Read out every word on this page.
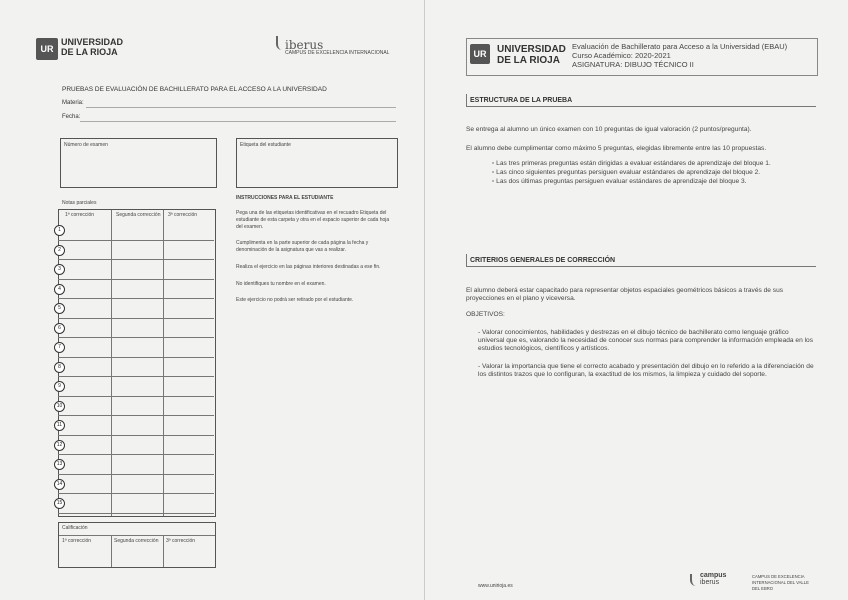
UR
UNIVERSIDAD
DE LA RIOJA	iberus
CAMPUS DE EXCELENCIA INTERNACIONAL
PRUEBAS DE EVALUACIÓN DE BACHILLERATO PARA EL ACCESO A LA UNIVERSIDAD
Materia:
Fecha:
Número de examen	Etiqueta del estudiante
Notas parciales
1ª corrección	Segunda corrección 3ª corrección
1
2
3
4
5
6
7
8
9
10
11
12
13
14
15
INSTRUCCIONES PARA EL ESTUDIANTE
Pega una de las etiquetas identificativas en el recuadro Etiqueta del estudiante de esta carpeta y otra en el espacio superior de cada hoja del examen.
Cumplimenta en la parte superior de cada página la fecha y denominación de la asignatura que vas a realizar.
Realiza el ejercicio en las páginas interiores destinadas a ese fin.
No identifiques tu nombre en el examen.
Este ejercicio no podrá ser retirado por el estudiante.
Calificación
1ª corrección	Segunda corrección 3ª corrección
UR	UNIVERSIDAD
DE LA RIOJA
Evaluación de Bachillerato para Acceso a la Universidad (EBAU)
Curso Académico: 2020-2021
ASIGNATURA: DIBUJO TÉCNICO II
ESTRUCTURA DE LA PRUEBA
Se entrega al alumno un único examen con 10 preguntas de igual valoración (2 puntos/pregunta).
El alumno debe cumplimentar como máximo 5 preguntas, elegidas libremente entre las 10 propuestas.
▫ Las tres primeras preguntas están dirigidas a evaluar estándares de aprendizaje del bloque 1.
▫ Las cinco siguientes preguntas persiguen evaluar estándares de aprendizaje del bloque 2.
▫ Las dos últimas preguntas persiguen evaluar estándares de aprendizaje del bloque 3.
CRITERIOS GENERALES DE CORRECCIÓN
El alumno deberá estar capacitado para representar objetos espaciales geométricos básicos a través de sus proyecciones en el plano y viceversa.
OBJETIVOS:
- Valorar conocimientos, habilidades y destrezas en el dibujo técnico de bachillerato como lenguaje gráfico universal que es, valorando la necesidad de conocer sus normas para comprender la información empleada en los estudios tecnológicos, científicos y artísticos.
- Valorar la importancia que tiene el correcto acabado y presentación del dibujo en lo referido a la diferenciación de los distintos trazos que lo configuran, la exactitud de los mismos, la limpieza y cuidado del soporte.
www.unirioja.es
campus
iberus
CAMPUS DE EXCELENCIA INTERNACIONAL DEL VALLE DEL EBRO
